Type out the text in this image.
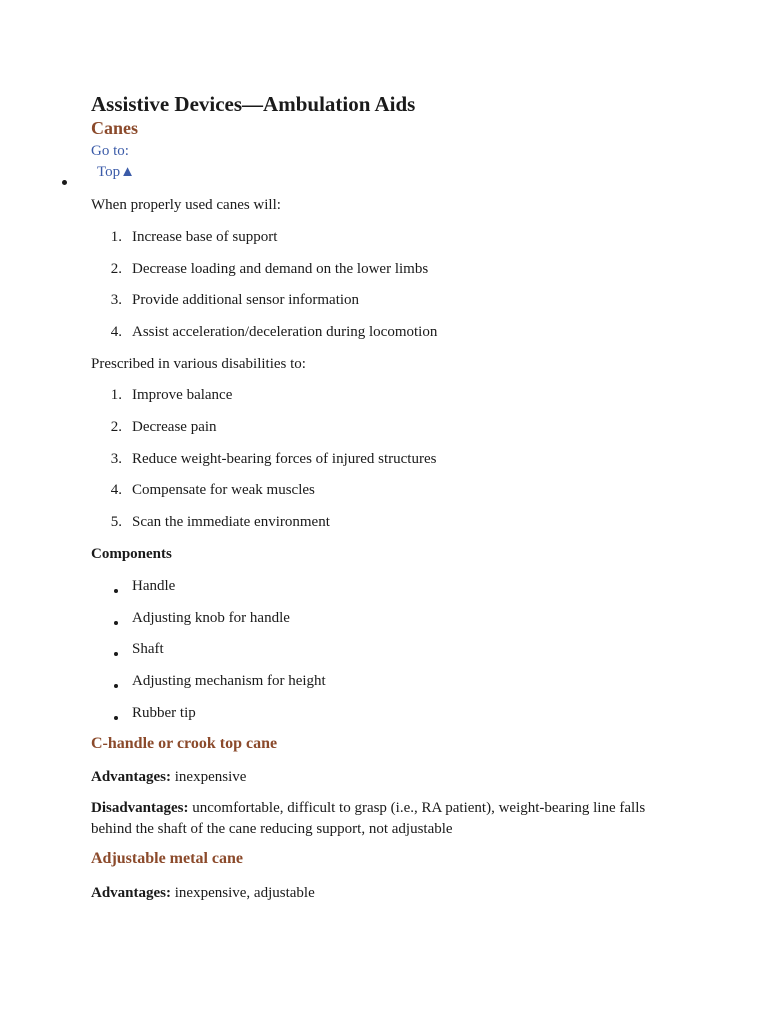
Assistive Devices—Ambulation Aids
Canes
Go to:
Top▲
When properly used canes will:
1. Increase base of support
2. Decrease loading and demand on the lower limbs
3. Provide additional sensor information
4. Assist acceleration/deceleration during locomotion
Prescribed in various disabilities to:
1. Improve balance
2. Decrease pain
3. Reduce weight-bearing forces of injured structures
4. Compensate for weak muscles
5. Scan the immediate environment
Components
Handle
Adjusting knob for handle
Shaft
Adjusting mechanism for height
Rubber tip
C-handle or crook top cane
Advantages: inexpensive
Disadvantages: uncomfortable, difficult to grasp (i.e., RA patient), weight-bearing line falls behind the shaft of the cane reducing support, not adjustable
Adjustable metal cane
Advantages: inexpensive, adjustable
